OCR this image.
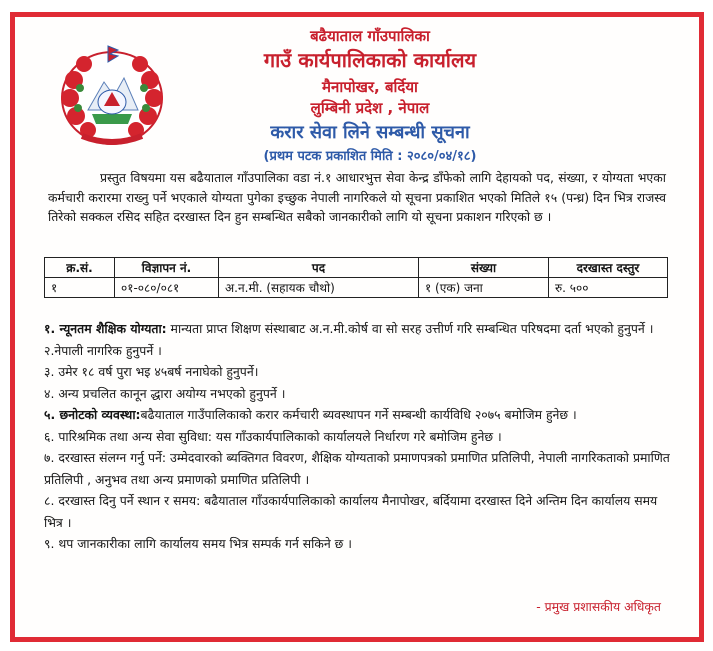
बढैयाताल गाँउपालिका
गाउँ कार्यपालिकाको कार्यालय
मैनापोखर, बर्दिया
लुम्बिनी प्रदेश , नेपाल
करार सेवा लिने सम्बन्धी सूचना
(प्रथम पटक प्रकाशित मिति : २०८०/०४/१८)
प्रस्तुत विषयमा यस बढैयाताल गाँउपालिका वडा नं.१ आधारभुत्त सेवा केन्द्र डाँफेको लागि देहायको पद, संख्या, र योग्यता भएका कर्मचारी करारमा राख्नु पर्ने भएकाले योग्यता पुगेका इच्छुक नेपाली नागरिकले यो सूचना प्रकाशित भएको मितिले १५ (पन्ध्र) दिन भित्र राजस्व तिरेको सक्कल रसिद सहित दरखास्त दिन हुन सम्बन्धित सबैको जानकारीको लागि यो सूचना प्रकाशन गरिएको छ ।
क्र.सं.	विज्ञापन नं.	पद	संख्या	दरखास्त दस्तुर
१	०१-०८०/०८१	अ.न.मी. (सहायक चौथो)	१ (एक) जना	रु. ५००

१. न्यूनतम शैक्षिक योग्यता: मान्यता प्राप्त शिक्षण संस्थाबाट अ.न.मी.कोर्ष वा सो सरह उत्तीर्ण गरि सम्बन्धित परिषदमा दर्ता भएको हुनुपर्ने ।

२.नेपाली नागरिक हुनुपर्ने ।

३. उमेर १८ वर्ष पुरा भइ ४५बर्ष ननाघेको हुनुपर्ने।

४. अन्य प्रचलित कानून द्धारा अयोग्य नभएको हुनुपर्ने ।

५. छनोटको व्यवस्था:बढैयाताल गाउँपालिकाको करार कर्मचारी ब्यवस्थापन गर्ने सम्बन्धी कार्यविधि २०७५ बमोजिम हुनेछ ।

६. पारिश्रमिक तथा अन्य सेवा सुविधा: यस गाँउकार्यपालिकाको कार्यालयले निर्धारण गरे बमोजिम हुनेछ ।

७. दरखास्त संलग्न गर्नु पर्ने: उम्मेदवारको ब्यक्तिगत विवरण, शैक्षिक योग्यताको प्रमाणपत्रको प्रमाणित प्रतिलिपी, नेपाली नागरिकताको प्रमाणित प्रतिलिपी , अनुभव तथा अन्य प्रमाणको प्रमाणित प्रतिलिपी ।

८. दरखास्त दिनु पर्ने स्थान र समय: बढैयाताल गाँउकार्यपालिकाको कार्यालय मैनापोखर, बर्दियामा दरखास्त दिने अन्तिम दिन कार्यालय समय भित्र ।

९. थप जानकारीका लागि कार्यालय समय भित्र सम्पर्क गर्न सकिने छ ।

- प्रमुख प्रशासकीय अधिकृत
